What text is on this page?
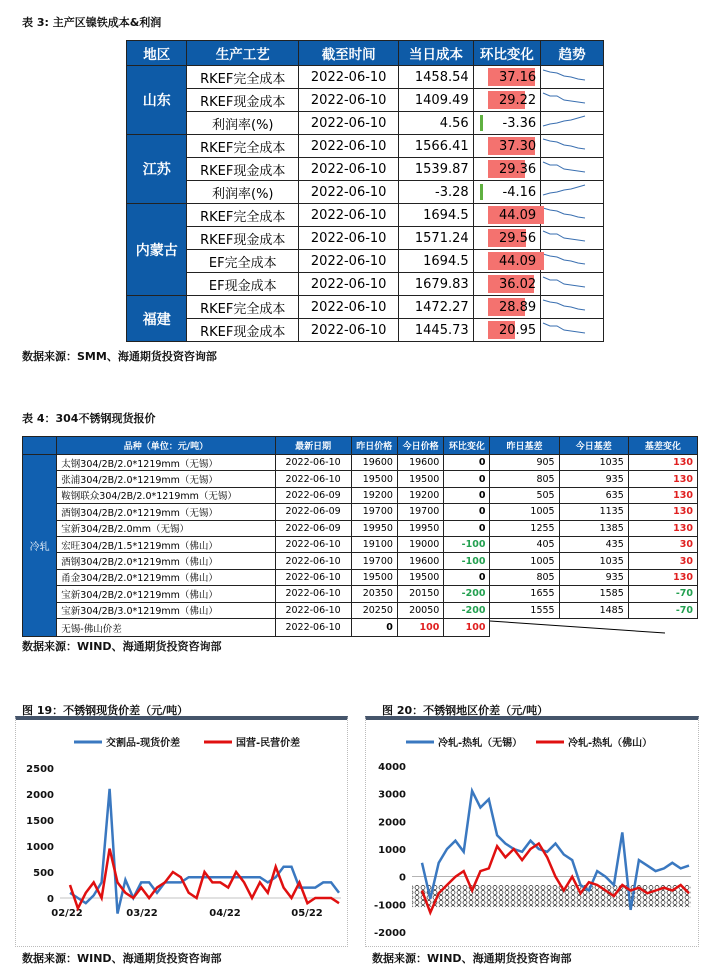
表 3: 主产区镍铁成本&利润
地区	生产工艺	截至时间	当日成本	环比变化	趋势
山东	RKEF完全成本	2022-06-10	1458.54	37.16	
	RKEF现金成本	2022-06-10	1409.49	29.22	
	利润率(%)	2022-06-10	4.56	-3.36	
江苏	RKEF完全成本	2022-06-10	1566.41	37.30	
	RKEF现金成本	2022-06-10	1539.87	29.36	
	利润率(%)	2022-06-10	-3.28	-4.16	
内蒙古	RKEF完全成本	2022-06-10	1694.5	44.09	
	RKEF现金成本	2022-06-10	1571.24	29.56	
	EF完全成本	2022-06-10	1694.5	44.09	
	EF现金成本	2022-06-10	1679.83	36.02	
福建	RKEF完全成本	2022-06-10	1472.27	28.89	
	RKEF现金成本	2022-06-10	1445.73	20.95	
数据来源：SMM、海通期货投资咨询部
表 4：304不锈钢现货报价
	品种（单位：元/吨）	最新日期	昨日价格	今日价格	环比变化	昨日基差	今日基差	基差变化
冷轧	太钢304/2B/2.0*1219mm（无锡）	2022-06-10	19600	19600	0	905	1035	130
	张浦304/2B/2.0*1219mm（无锡）	2022-06-10	19500	19500	0	805	935	130
	鞍钢联众304/2B/2.0*1219mm（无锡）	2022-06-09	19200	19200	0	505	635	130
	酒钢304/2B/2.0*1219mm（无锡）	2022-06-09	19700	19700	0	1005	1135	130
	宝新304/2B/2.0mm（无锡）	2022-06-09	19950	19950	0	1255	1385	130
	宏旺304/2B/1.5*1219mm（佛山）	2022-06-10	19100	19000	-100	405	435	30
	酒钢304/2B/2.0*1219mm（佛山）	2022-06-10	19700	19600	-100	1005	1035	30
	甬金304/2B/2.0*1219mm（佛山）	2022-06-10	19500	19500	0	805	935	130
	宝新304/2B/2.0*1219mm（佛山）	2022-06-10	20350	20150	-200	1655	1585	-70
	宝新304/2B/3.0*1219mm（佛山）	2022-06-10	20250	20050	-200	1555	1485	-70
	无锡-佛山价差	2022-06-10	0	100	100	
数据来源：WIND、海通期货投资咨询部
图 19：不锈钢现货价差（元/吨）	图 20：不锈钢地区价差（元/吨）
交割品-现货价差	国营-民营价差
2500
2000
1500
1000
500
0
02/22	03/22	04/22	05/22
冷轧-热轧（无锡）	冷轧-热轧（佛山）
4000
3000
2000
1000
0
-1000
-2000
数据来源：WIND、海通期货投资咨询部	数据来源：WIND、海通期货投资咨询部
